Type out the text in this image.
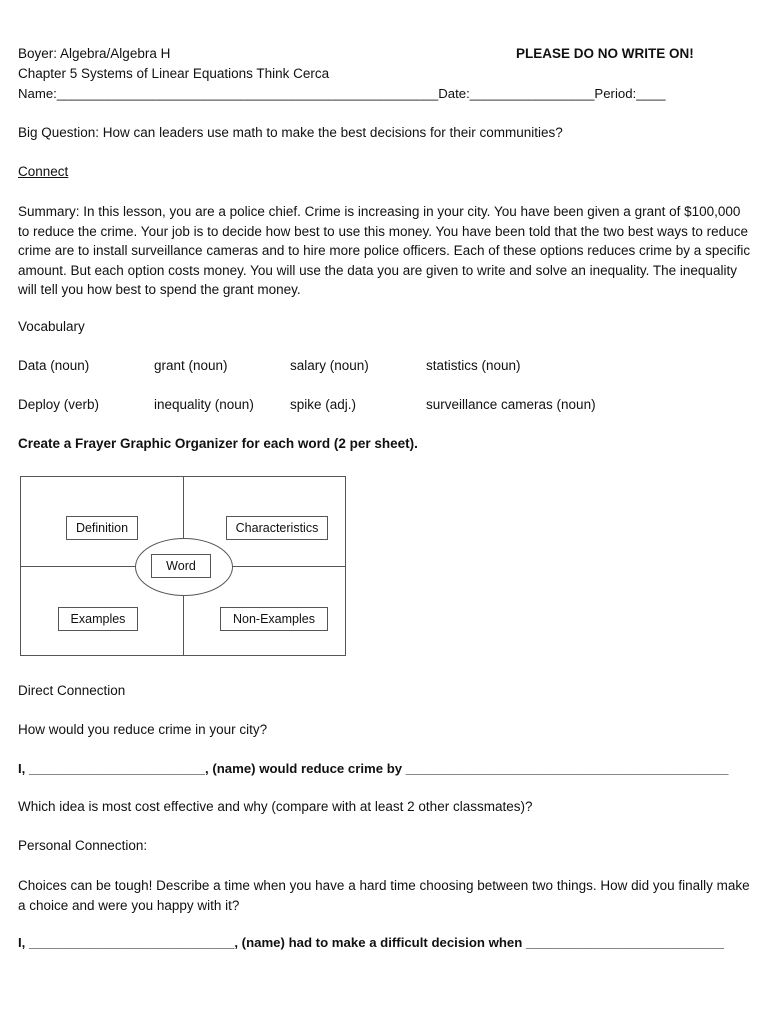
Boyer: Algebra/Algebra H	PLEASE DO NO WRITE ON!
Chapter 5 Systems of Linear Equations Think Cerca
Name:____________________________________________________Date:_________________Period:____
Big Question: How can leaders use math to make the best decisions for their communities?
Connect
Summary: In this lesson, you are a police chief. Crime is increasing in your city. You have been given a grant of $100,000 to reduce the crime. Your job is to decide how best to use this money. You have been told that the two best ways to reduce crime are to install surveillance cameras and to hire more police officers. Each of these options reduces crime by a specific amount. But each option costs money. You will use the data you are given to write and solve an inequality. The inequality will tell you how best to spend the grant money.
Vocabulary
Data (noun)	grant (noun)	salary (noun)	statistics (noun)
Deploy (verb)	inequality (noun)	spike (adj.)	surveillance cameras (noun)
Create a Frayer Graphic Organizer for each word (2 per sheet).
Definition	Characteristics
Word
Examples	Non-Examples
Direct Connection
How would you reduce crime in your city?
I, ________________________, (name) would reduce crime by ____________________________________________
Which idea is most cost effective and why (compare with at least 2 other classmates)?
Personal Connection:
Choices can be tough! Describe a time when you have a hard time choosing between two things. How did you finally make a choice and were you happy with it?
I, ____________________________, (name) had to make a difficult decision when ___________________________
